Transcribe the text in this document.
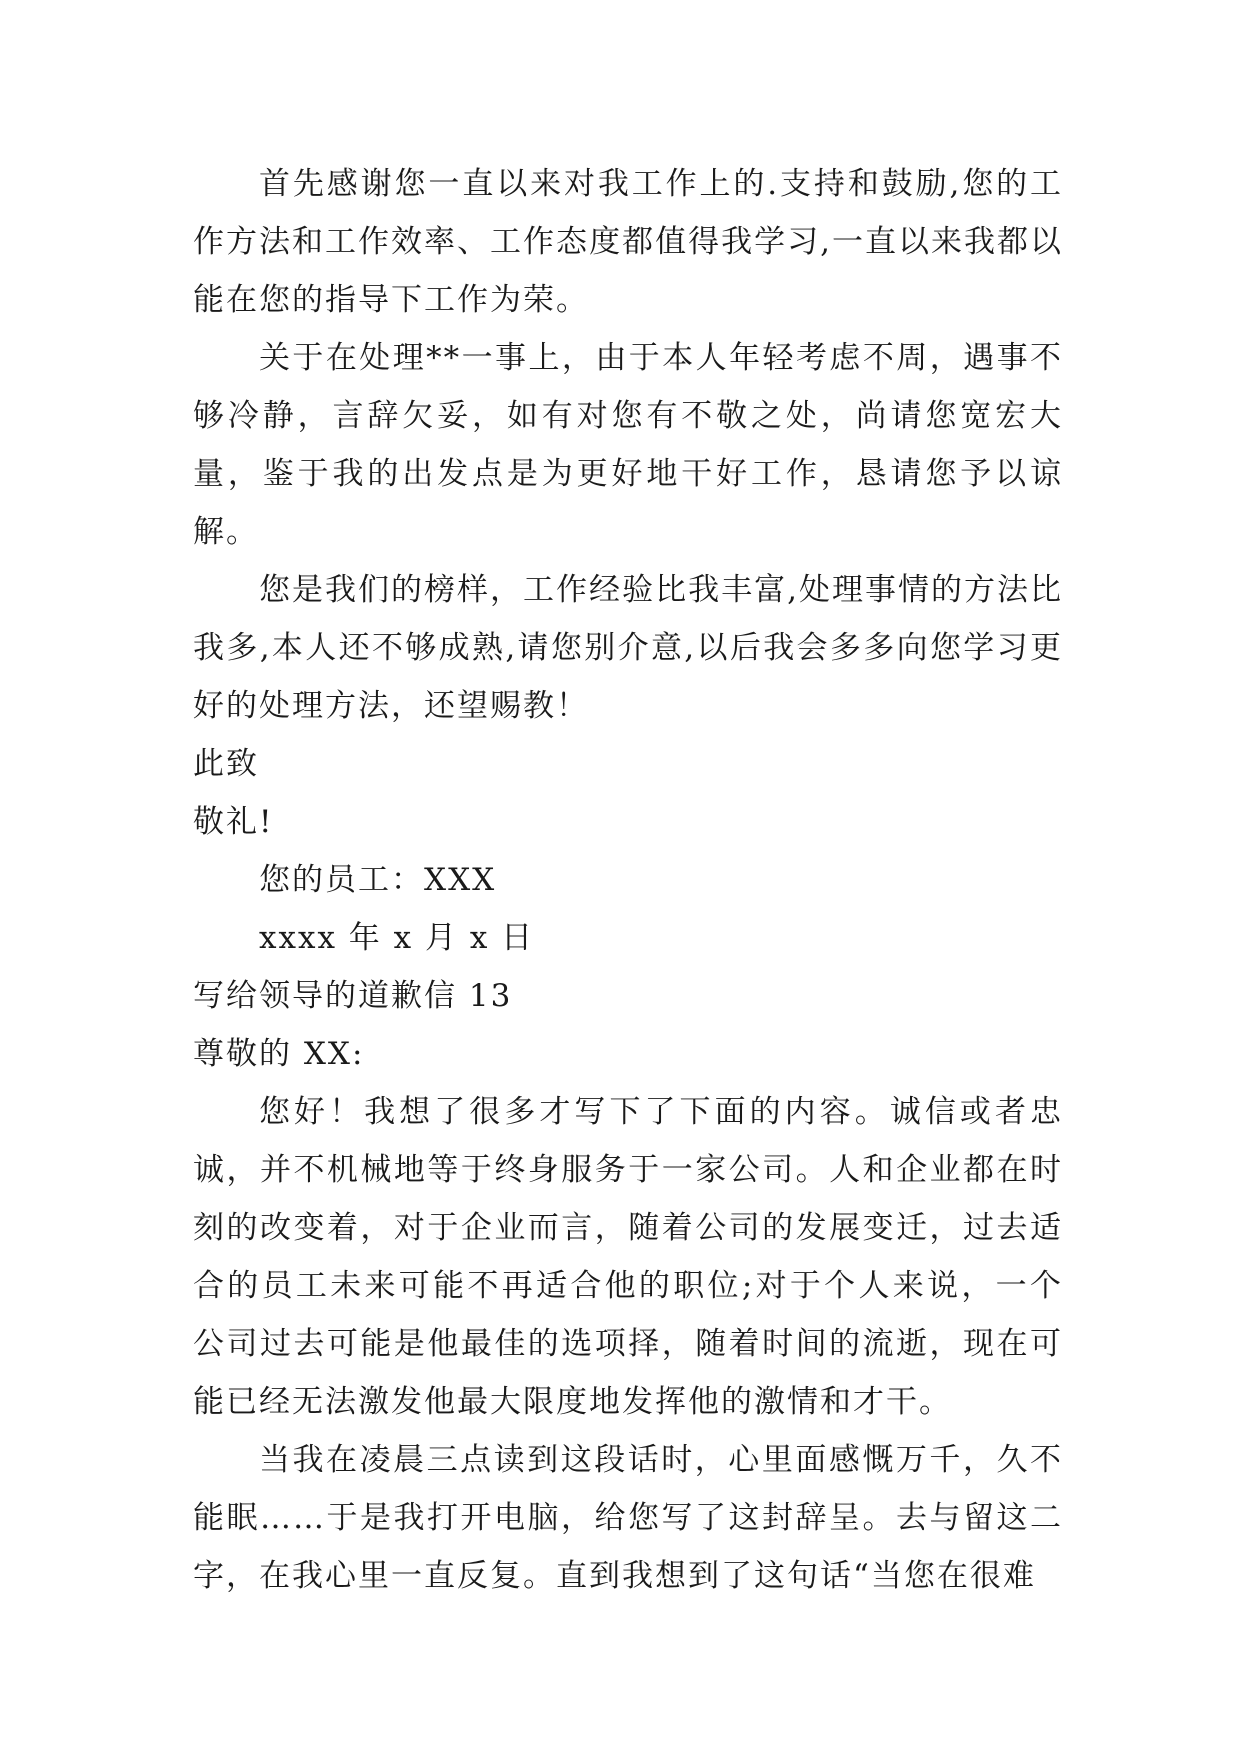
首先感谢您一直以来对我工作上的.支持和鼓励,您的工作方法和工作效率、工作态度都值得我学习,一直以来我都以能在您的指导下工作为荣。

关于在处理**一事上，由于本人年轻考虑不周，遇事不够冷静，言辞欠妥，如有对您有不敬之处，尚请您宽宏大量，鉴于我的出发点是为更好地干好工作，恳请您予以谅解。

您是我们的榜样，工作经验比我丰富,处理事情的方法比我多,本人还不够成熟,请您别介意,以后我会多多向您学习更好的处理方法，还望赐教！

此致

敬礼!

您的员工：XXX

xxxx 年 x 月 x 日

写给领导的道歉信 13

尊敬的 XX:

您好！我想了很多才写下了下面的内容。诚信或者忠诚，并不机械地等于终身服务于一家公司。人和企业都在时刻的改变着，对于企业而言，随着公司的发展变迁，过去适合的员工未来可能不再适合他的职位;对于个人来说，一个公司过去可能是他最佳的选项择，随着时间的流逝，现在可能已经无法激发他最大限度地发挥他的激情和才干。

当我在凌晨三点读到这段话时，心里面感慨万千，久不能眠……于是我打开电脑，给您写了这封辞呈。去与留这二字，在我心里一直反复。直到我想到了这句话“当您在很难
